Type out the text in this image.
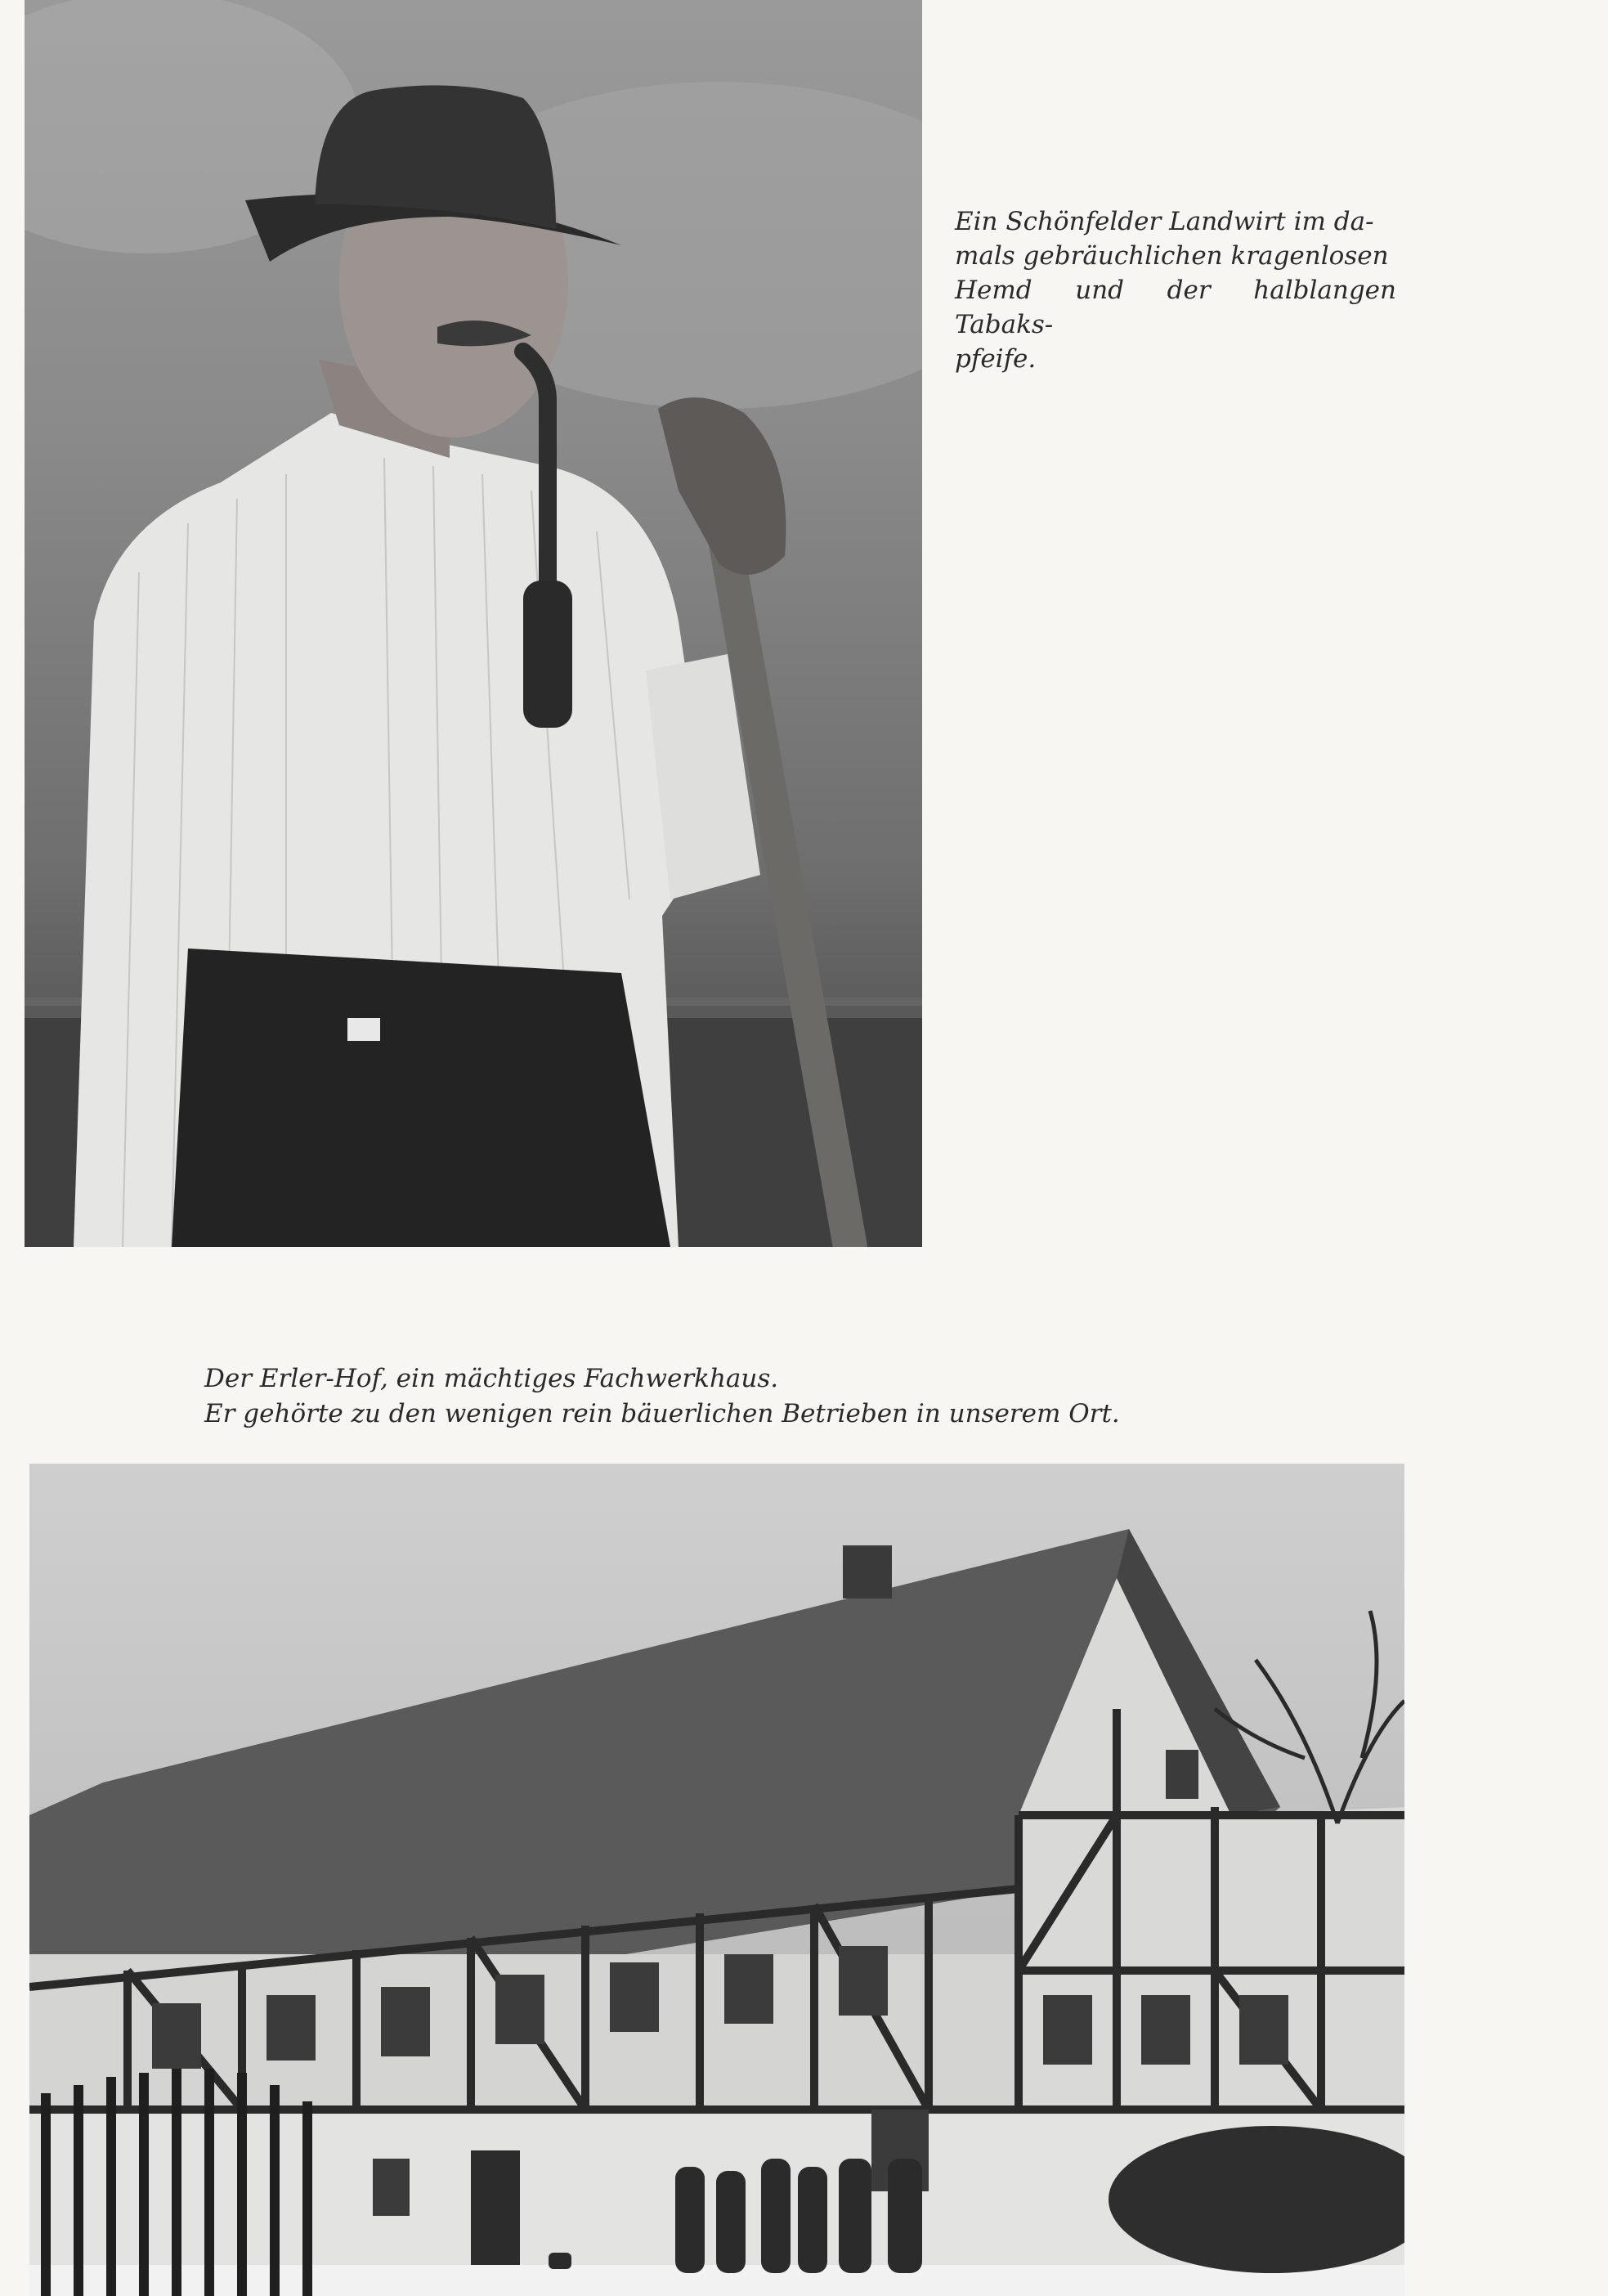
Ein Schönfelder Landwirt im da-
mals gebräuchlichen kragenlosen
Hemd und der halblangen Tabaks-
pfeife.
Der Erler-Hof, ein mächtiges Fachwerkhaus.
Er gehörte zu den wenigen rein bäuerlichen Betrieben in unserem Ort.
